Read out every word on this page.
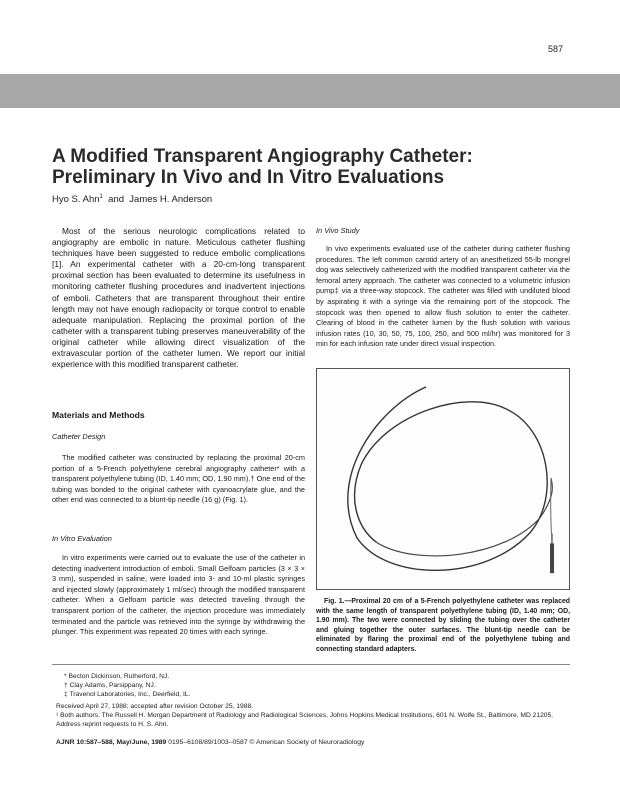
587
A Modified Transparent Angiography Catheter:
Preliminary In Vivo and In Vitro Evaluations
Hyo S. Ahn$^1$ and James H. Anderson

Most of the serious neurologic complications related to angiography are embolic in nature. Meticulous catheter flushing techniques have been suggested to reduce embolic complications [1]. An experimental catheter with a 20-cm-long transparent proximal section has been evaluated to determine its usefulness in monitoring catheter flushing procedures and inadvertent injections of emboli. Catheters that are transparent throughout their entire length may not have enough radiopacity or torque control to enable adequate manipulation. Replacing the proximal portion of the catheter with a transparent tubing preserves maneuverability of the original catheter while allowing direct visualization of the extravascular portion of the catheter lumen. We report our initial experience with this modified transparent catheter.

Materials and Methods
Catheter Design

The modified catheter was constructed by replacing the proximal 20-cm portion of a 5-French polyethylene cerebral angiography catheter* with a transparent polyethylene tubing (ID, 1.40 mm; OD, 1.90 mm).† One end of the tubing was bonded to the original catheter with cyanoacrylate glue, and the other end was connected to a blunt-tip needle (16 g) (Fig. 1).

In Vitro Evaluation

In vitro experiments were carried out to evaluate the use of the catheter in detecting inadvertent introduction of emboli. Small Gelfoam particles (3 × 3 × 3 mm), suspended in saline, were loaded into 3- and 10-ml plastic syringes and injected slowly (approximately 1 ml/sec) through the modified transparent catheter. When a Gelfoam particle was detected traveling through the transparent portion of the catheter, the injection procedure was immediately terminated and the particle was retrieved into the syringe by withdrawing the plunger. This experiment was repeated 20 times with each syringe.

In Vivo Study

In vivo experiments evaluated use of the catheter during catheter flushing procedures. The left common carotid artery of an anesthetized 55-lb mongrel dog was selectively catheterized with the modified transparent catheter via the femoral artery approach. The catheter was connected to a volumetric infusion pump‡ via a three-way stopcock. The catheter was filled with undiluted blood by aspirating it with a syringe via the remaining port of the stopcock. The stopcock was then opened to allow flush solution to enter the catheter. Clearing of blood in the catheter lumen by the flush solution with various infusion rates (10, 30, 50, 75, 100, 250, and 500 ml/hr) was monitored for 3 min for each infusion rate under direct visual inspection.

Fig. 1.—Proximal 20 cm of a 5-French polyethylene catheter was replaced with the same length of transparent polyethylene tubing (ID, 1.40 mm; OD, 1.90 mm). The two were connected by sliding the tubing over the catheter and gluing together the outer surfaces. The blunt-tip needle can be eliminated by flaring the proximal end of the polyethylene tubing and connecting standard adapters.

* Becton Dickinson, Rutherford, NJ.
† Clay Adams, Parsippany, NJ.
‡ Travenol Laboratories, Inc., Deerfield, IL.
Received April 27, 1988; accepted after revision October 25, 1988.
¹ Both authors: The Russell H. Morgan Department of Radiology and Radiological Sciences, Johns Hopkins Medical Institutions, 601 N. Wolfe St., Baltimore, MD 21205. Address reprint requests to H. S. Ahn.
AJNR 10:587–588, May/June, 1989 0195–6108/89/1003–0587 © American Society of Neuroradiology
